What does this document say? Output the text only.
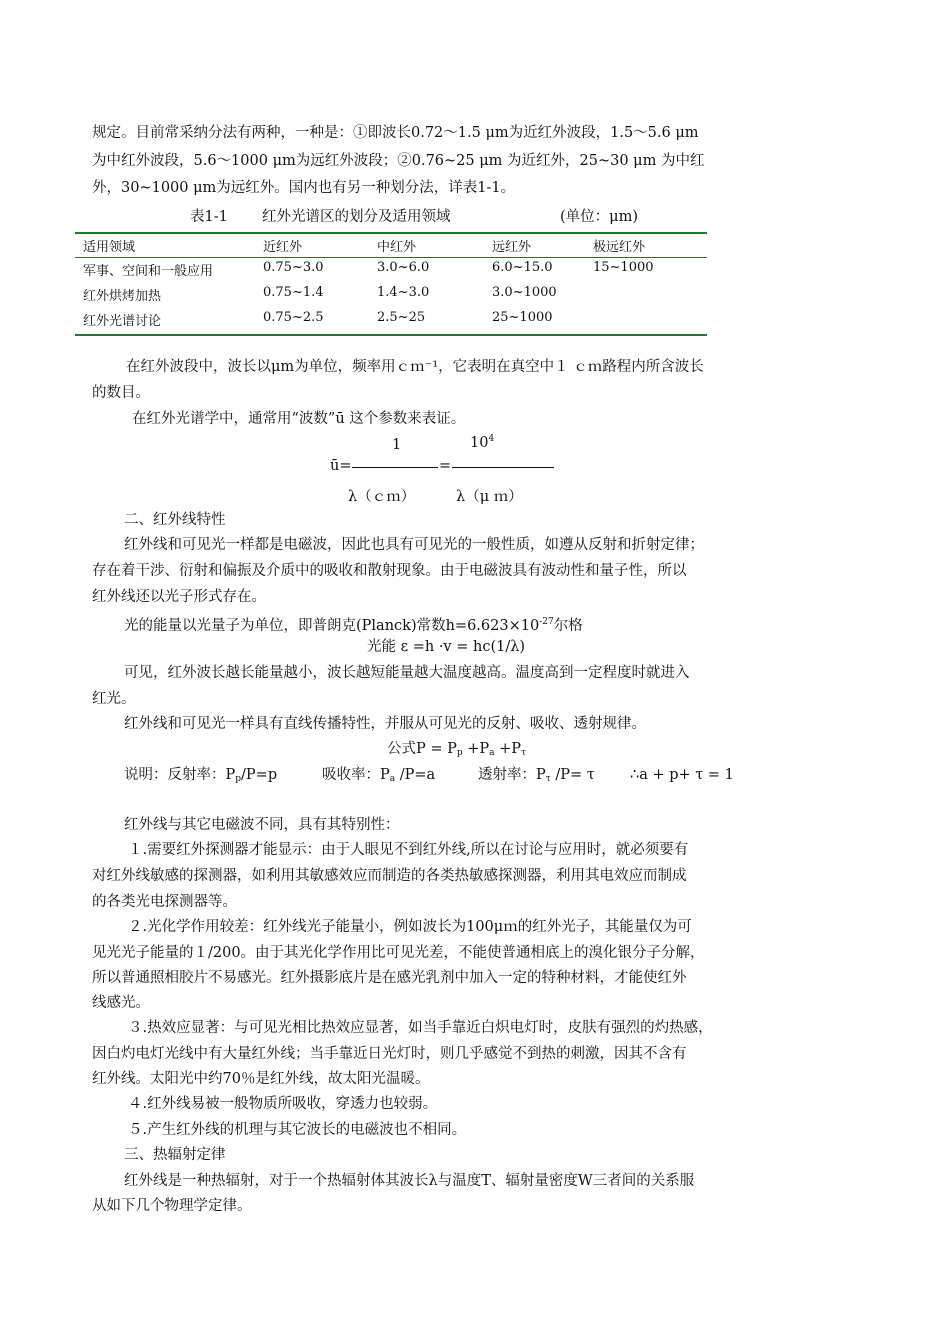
规定。目前常采纳分法有两种，一种是：①即波长0.72～1.5 μm为近红外波段，1.5～5.6 μm
为中红外波段，5.6～1000 μm为远红外波段；②0.76~25 μm 为近红外，25~30 μm 为中红
外，30~1000 μm为远红外。国内也有另一种划分法，详表1-1。
表1-1 红外光谱区的划分及适用领域	(单位：μm)
适用领域	近红外	中红外	远红外	极远红外
军事、空间和一般应用	0.75~3.0	3.0~6.0	6.0~15.0	15~1000
红外烘烤加热	0.75~1.4	1.4~3.0	3.0~1000
红外光谱讨论	0.75~2.5	2.5~25	25~1000
在红外波段中，波长以μm为单位，频率用ｃｍ⁻¹，它表明在真空中１ ｃｍ路程内所含波长
的数目。
在红外光谱学中，通常用“波数”ū 这个参数来表证。
1	$10^4$
ū=	=
λ（ｃｍ）	λ（μ ｍ）
二、红外线特性
红外线和可见光一样都是电磁波，因此也具有可见光的一般性质，如遵从反射和折射定律；
存在着干涉、衍射和偏振及介质中的吸收和散射现象。由于电磁波具有波动性和量子性，所以
红外线还以光子形式存在。
光的能量以光量子为单位，即普朗克(Planck)常数$h=6.623\times 10^{-27}$尔格
光能 ε =h ·v = hc(1/λ)
可见，红外波长越长能量越小，波长越短能量越大温度越高。温度高到一定程度时就进入
红光。
红外线和可见光一样具有直线传播特性，并服从可见光的反射、吸收、透射规律。
公式$P = P_p +P_a +P_\tau$
说明：反射率：$P_p/P=p$	吸收率：$P_a$ /P=a	透射率：$P_\tau$ /P= τ ∴a + p+ τ = 1
红外线与其它电磁波不同，具有其特别性：
１.需要红外探测器才能显示：由于人眼见不到红外线,所以在讨论与应用时，就必须要有
对红外线敏感的探测器，如利用其敏感效应而制造的各类热敏感探测器，利用其电效应而制成
的各类光电探测器等。
２.光化学作用较差：红外线光子能量小，例如波长为100μｍ的红外光子，其能量仅为可
见光光子能量的１/200。由于其光化学作用比可见光差，不能使普通相底上的溴化银分子分解，
所以普通照相胶片不易感光。红外摄影底片是在感光乳剂中加入一定的特种材料，才能使红外
线感光。
３.热效应显著：与可见光相比热效应显著，如当手靠近白炽电灯时，皮肤有强烈的灼热感，
因白灼电灯光线中有大量红外线；当手靠近日光灯时，则几乎感觉不到热的刺激，因其不含有
红外线。太阳光中约70％是红外线，故太阳光温暖。
４.红外线易被一般物质所吸收，穿透力也较弱。
５.产生红外线的机理与其它波长的电磁波也不相同。
三、热辐射定律
红外线是一种热辐射，对于一个热辐射体其波长λ与温度T、辐射量密度W三者间的关系服
从如下几个物理学定律。
